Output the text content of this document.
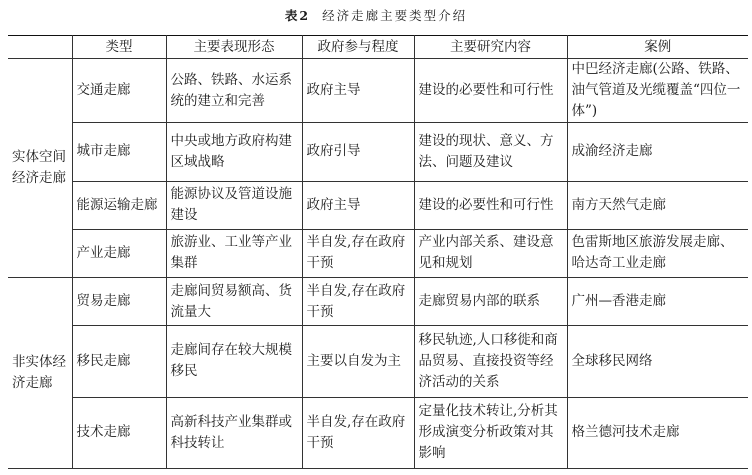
表2 经济走廊主要类型介绍
	类型	主要表现形态	政府参与程度	主要研究内容	案例
实体空间经济走廊	交通走廊	公路、铁路、水运系统的建立和完善	政府主导	建设的必要性和可行性	中巴经济走廊(公路、铁路、油气管道及光缆覆盖“四位一体”)
	城市走廊	中央或地方政府构建区域战略	政府引导	建设的现状、意义、方法、问题及建议	成渝经济走廊
	能源运输走廊	能源协议及管道设施建设	政府主导	建设的必要性和可行性	南方天然气走廊
	产业走廊	旅游业、工业等产业集群	半自发,存在政府干预	产业内部关系、建设意见和规划	色雷斯地区旅游发展走廊、哈达奇工业走廊
非实体经济走廊	贸易走廊	走廊间贸易额高、货流量大	半自发,存在政府干预	走廊贸易内部的联系	广州—香港走廊
	移民走廊	走廊间存在较大规模移民	主要以自发为主	移民轨迹,人口移徙和商品贸易、直接投资等经济活动的关系	全球移民网络
	技术走廊	高新科技产业集群或科技转让	半自发,存在政府干预	定量化技术转让,分析其形成演变分析政策对其影响	格兰德河技术走廊
